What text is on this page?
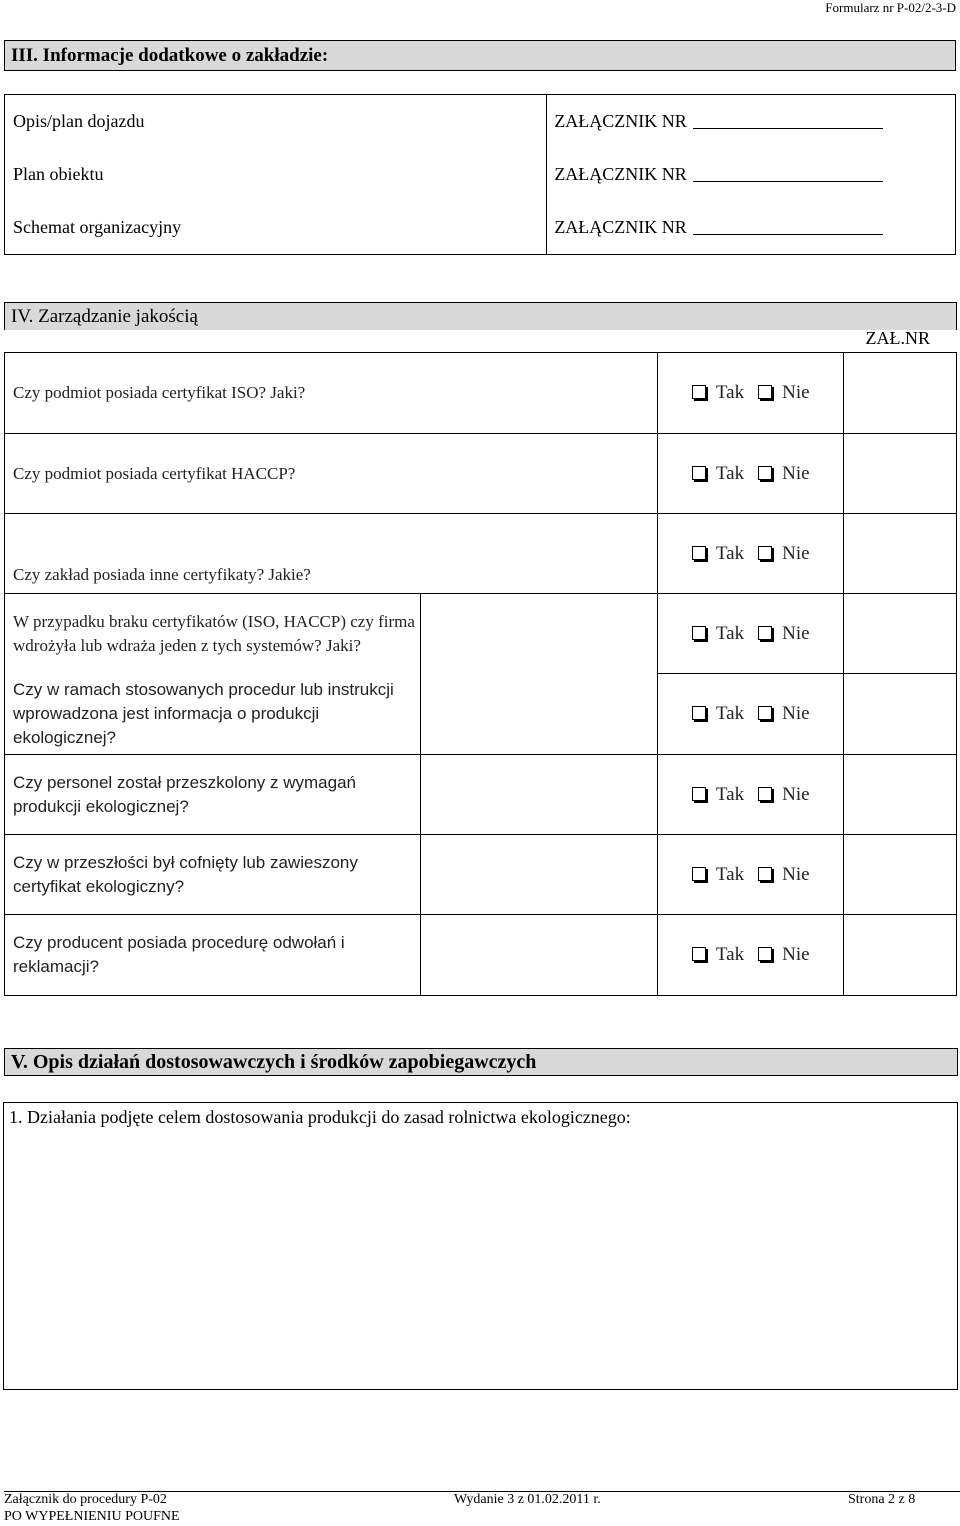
Formularz nr P-02/2-3-D
III. Informacje dodatkowe o zakładzie:
Opis/plan dojazdu	ZAŁĄCZNIK NR
Plan obiektu	ZAŁĄCZNIK NR
Schemat organizacyjny	ZAŁĄCZNIK NR
IV. Zarządzanie jakością
ZAŁ.NR
Czy podmiot posiada certyfikat ISO? Jaki?		Tak Nie	
Czy podmiot posiada certyfikat HACCP?		Tak Nie	
Czy zakład posiada inne certyfikaty? Jakie?		Tak Nie	
W przypadku braku certyfikatów (ISO, HACCP) czy firma wdrożyła lub wdraża jeden z tych systemów? Jaki?		Tak Nie	
Czy w ramach stosowanych procedur lub instrukcji wprowadzona jest informacja o produkcji ekologicznej?		Tak Nie	
Czy personel został przeszkolony z wymagań produkcji ekologicznej?		Tak Nie	
Czy w przeszłości był cofnięty lub zawieszony certyfikat ekologiczny?		Tak Nie	
Czy producent posiada procedurę odwołań i reklamacji?		Tak Nie	
V. Opis działań dostosowawczych i środków zapobiegawczych
1. Działania podjęte celem dostosowania produkcji do zasad rolnictwa ekologicznego:
Załącznik do procedury P-02
PO WYPEŁNIENIU POUFNE
Wydanie 3 z 01.02.2011 r.	Strona 2 z 8
